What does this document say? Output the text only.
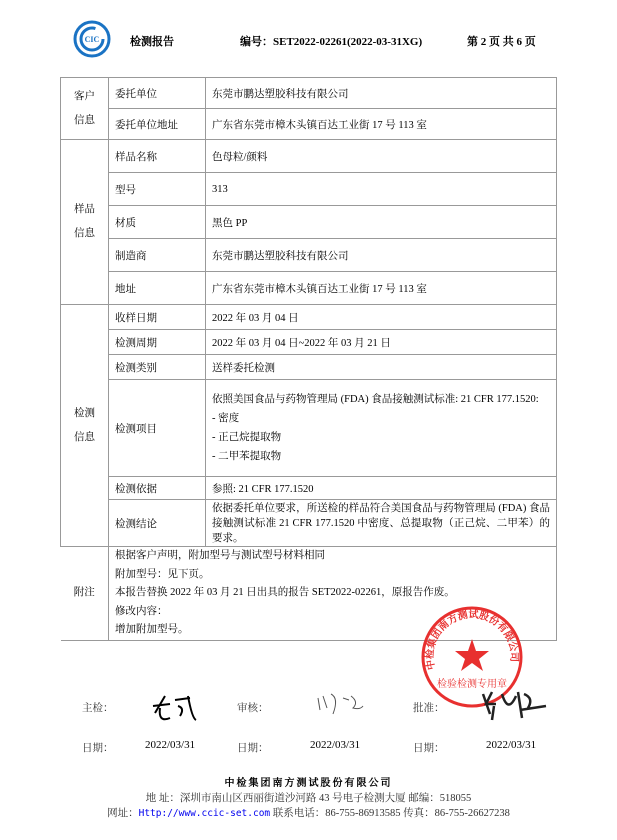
CIC	检测报告	编号：SET2022-02261(2022-03-31XG)	第 2 页 共 6 页
客户
信息	委托单位	东莞市鹏达塑胶科技有限公司
	委托单位地址	广东省东莞市樟木头镇百达工业街 17 号 113 室
样品
信息	样品名称	色母粒/颜料
	型号	313
	材质	黑色 PP
	制造商	东莞市鹏达塑胶科技有限公司
	地址	广东省东莞市樟木头镇百达工业街 17 号 113 室
检测
信息	收样日期	2022 年 03 月 04 日
	检测周期	2022 年 03 月 04 日~2022 年 03 月 21 日
	检测类别	送样委托检测
	检测项目	依照美国食品与药物管理局 (FDA) 食品接触测试标准: 21 CFR 177.1520:
- 密度
- 正己烷提取物
- 二甲苯提取物

	检测依据	参照: 21 CFR 177.1520
	检测结论	依据委托单位要求，所送检的样品符合美国食品与药物管理局 (FDA) 食品接触测试标准 21 CFR 177.1520 中密度、总提取物（正己烷、二甲苯）的要求。

附注	根据客户声明，附加型号与测试型号材料相同
附加型号：见下页。
本报告替换 2022 年 03 月 21 日出具的报告 SET2022-02261，原报告作废。
修改内容：
增加附加型号。	
中检集团南方测试股份有限公司
检验检测专用章
主检：
日期：	2022/03/31
审核：
日期：	2022/03/31
批准：
日期：	2022/03/31
中检集团南方测试股份有限公司
地 址：深圳市南山区西丽街道沙河路 43 号电子检测大厦 邮编：518055
网址：Http://www.ccic-set.com 联系电话：86-755-86913585 传真：86-755-26627238
